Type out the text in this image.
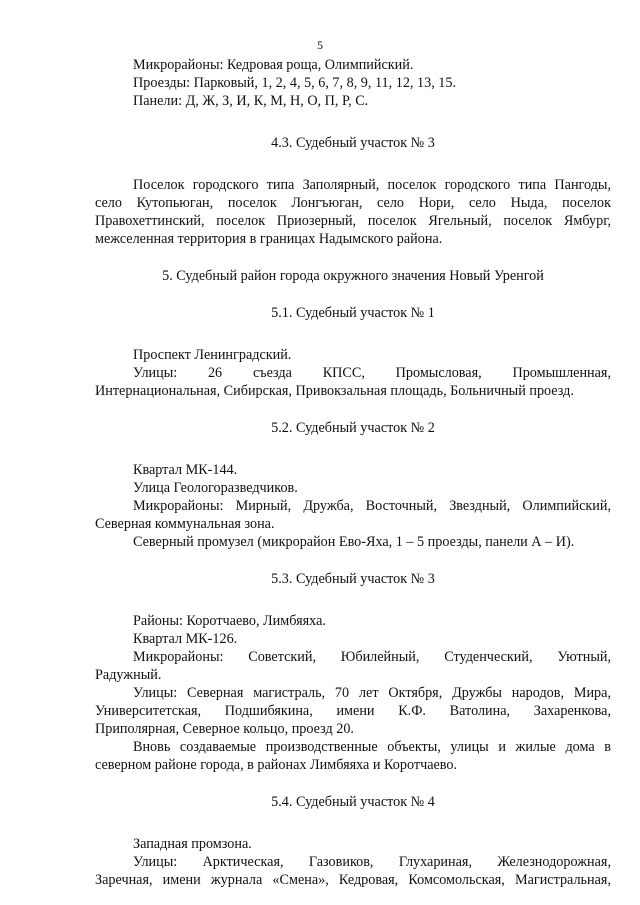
5

Микрорайоны: Кедровая роща, Олимпийский.

Проезды: Парковый, 1, 2, 4, 5, 6, 7, 8, 9, 11, 12, 13, 15.

Панели: Д, Ж, З, И, К, М, Н, О, П, Р, С.

4.3. Судебный участок № 3

Поселок городского типа Заполярный, поселок городского типа Пангоды,

село Кутопьюган, поселок Лонгъюган, село Нори, село Ныда, поселок

Правохеттинский, поселок Приозерный, поселок Ягельный, поселок Ямбург,

межселенная территория в границах Надымского района.

5. Судебный район города окружного значения Новый Уренгой
5.1. Судебный участок № 1

Проспект Ленинградский.

Улицы: 26 съезда КПСС, Промысловая, Промышленная,

Интернациональная, Сибирская, Привокзальная площадь, Больничный проезд.

5.2. Судебный участок № 2

Квартал МК-144.

Улица Геологоразведчиков.

Микрорайоны: Мирный, Дружба, Восточный, Звездный, Олимпийский,

Северная коммунальная зона.

Северный промузел (микрорайон Ево-Яха, 1 – 5 проезды, панели А – И).

5.3. Судебный участок № 3

Районы: Коротчаево, Лимбяяха.

Квартал МК-126.

Микрорайоны: Советский, Юбилейный, Студенческий, Уютный,

Радужный.

Улицы: Северная магистраль, 70 лет Октября, Дружбы народов, Мира,

Университетская, Подшибякина, имени К.Ф. Ватолина, Захаренкова,

Приполярная, Северное кольцо, проезд 20.

Вновь создаваемые производственные объекты, улицы и жилые дома в

северном районе города, в районах Лимбяяха и Коротчаево.

5.4. Судебный участок № 4

Западная промзона.

Улицы: Арктическая, Газовиков, Глухариная, Железнодорожная,

Заречная, имени журнала «Смена», Кедровая, Комсомольская, Магистральная,
